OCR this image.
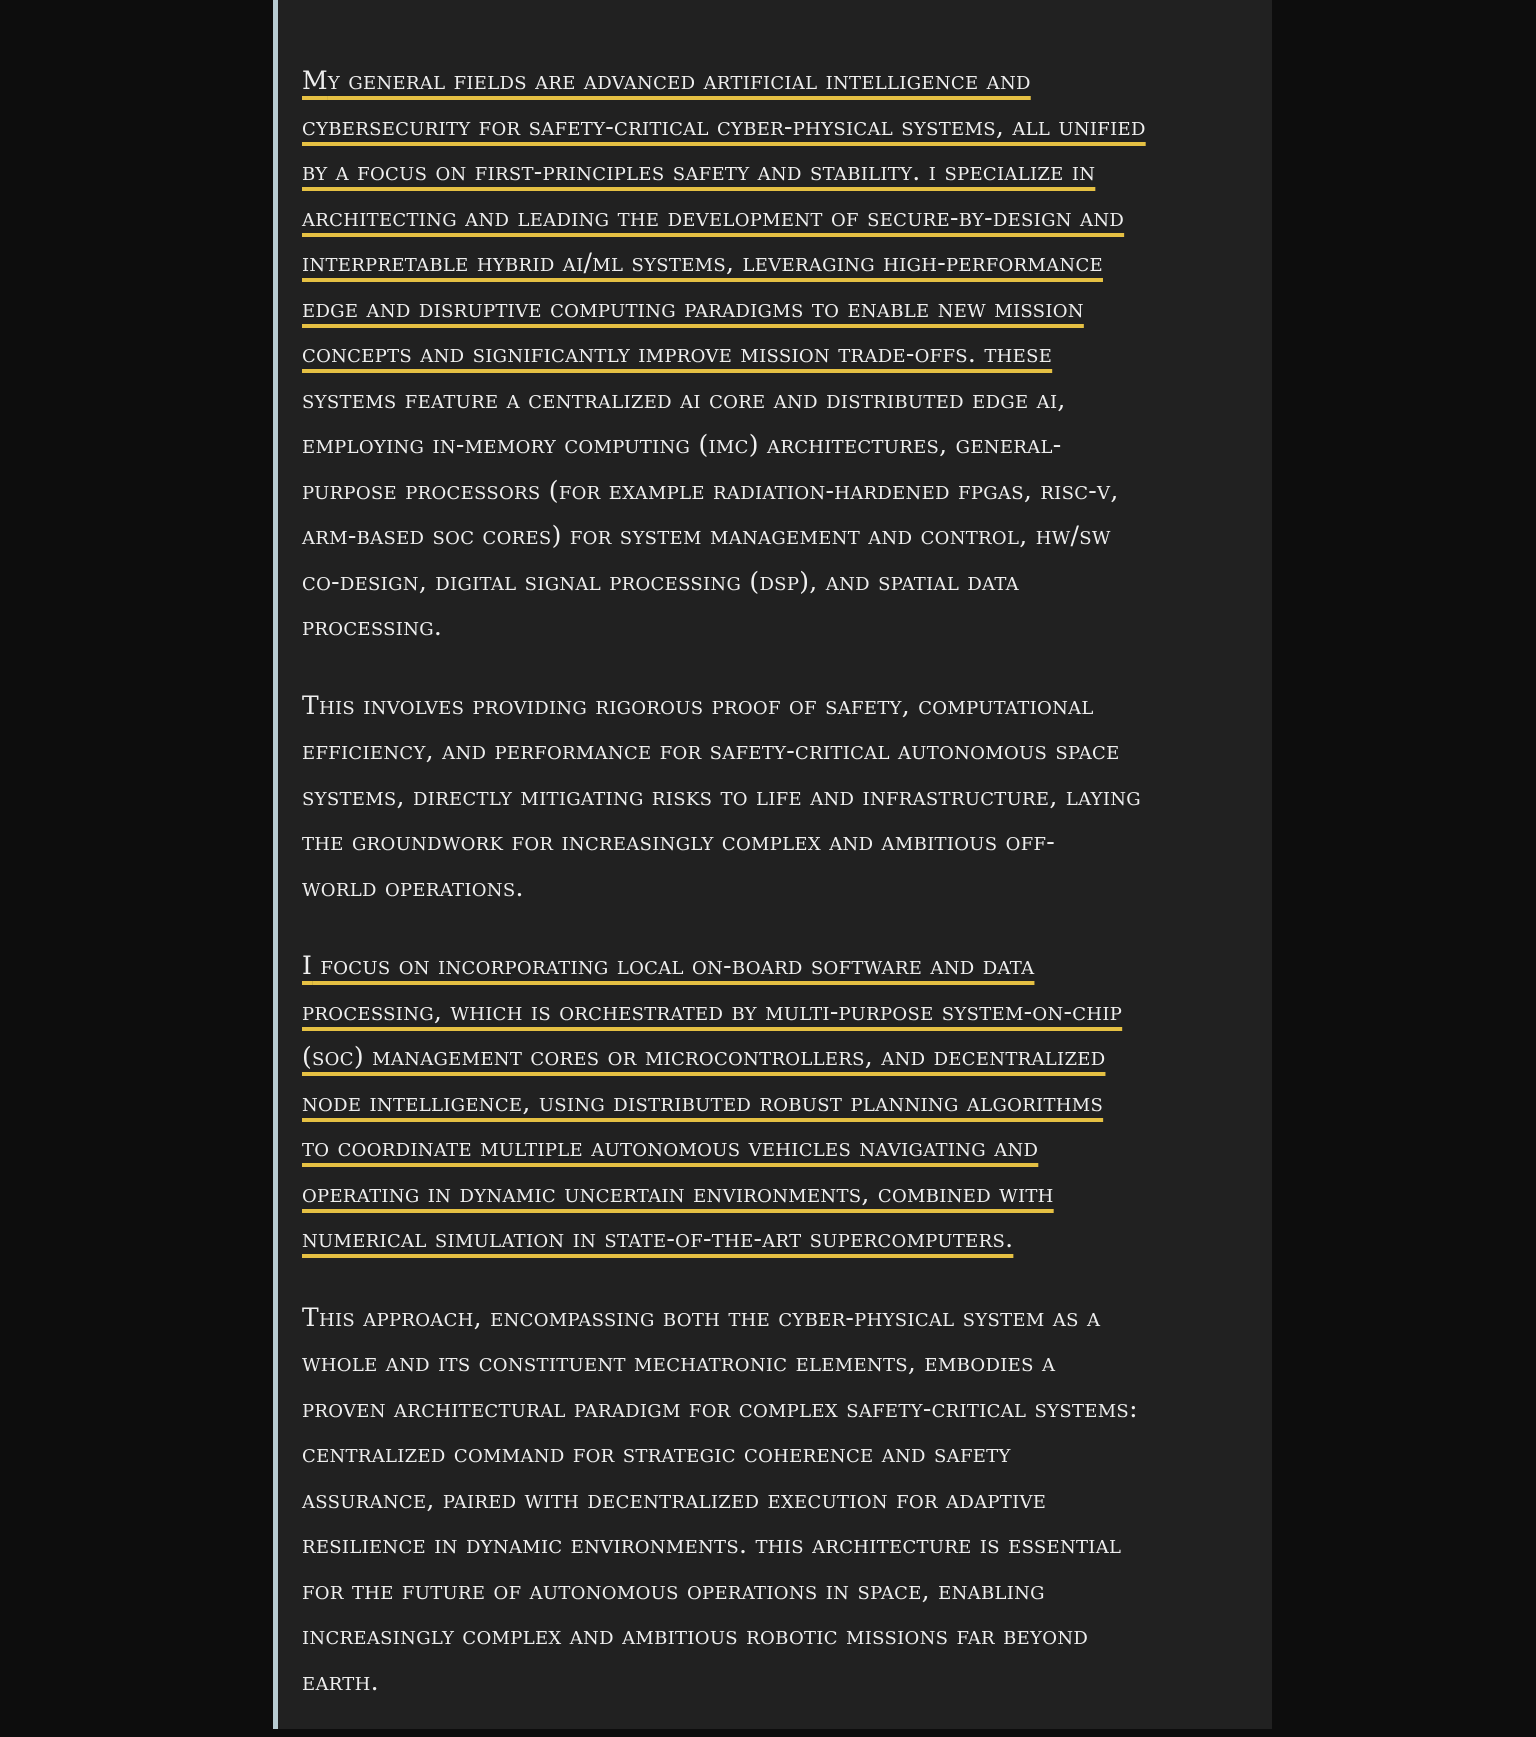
My general fields are advanced artificial intelligence and
cybersecurity for safety-critical cyber-physical systems, all unified
by a focus on first-principles safety and stability. i specialize in
architecting and leading the development of secure-by-design and
interpretable hybrid ai/ml systems, leveraging high-performance
edge and disruptive computing paradigms to enable new mission
concepts and significantly improve mission trade-offs. these
systems feature a centralized ai core and distributed edge ai,
employing in-memory computing (imc) architectures, general-
purpose processors (for example radiation-hardened fpgas, risc-v,
arm-based soc cores) for system management and control, hw/sw
co-design, digital signal processing (dsp), and spatial data
processing.

This involves providing rigorous proof of safety, computational
efficiency, and performance for safety-critical autonomous space
systems, directly mitigating risks to life and infrastructure, laying
the groundwork for increasingly complex and ambitious off-
world operations.

I focus on incorporating local on-board software and data
processing, which is orchestrated by multi-purpose system-on-chip
(soc) management cores or microcontrollers, and decentralized
node intelligence, using distributed robust planning algorithms
to coordinate multiple autonomous vehicles navigating and
operating in dynamic uncertain environments, combined with
numerical simulation in state-of-the-art supercomputers.

This approach, encompassing both the cyber-physical system as a
whole and its constituent mechatronic elements, embodies a
proven architectural paradigm for complex safety-critical systems:
centralized command for strategic coherence and safety
assurance, paired with decentralized execution for adaptive
resilience in dynamic environments. this architecture is essential
for the future of autonomous operations in space, enabling
increasingly complex and ambitious robotic missions far beyond
earth.
